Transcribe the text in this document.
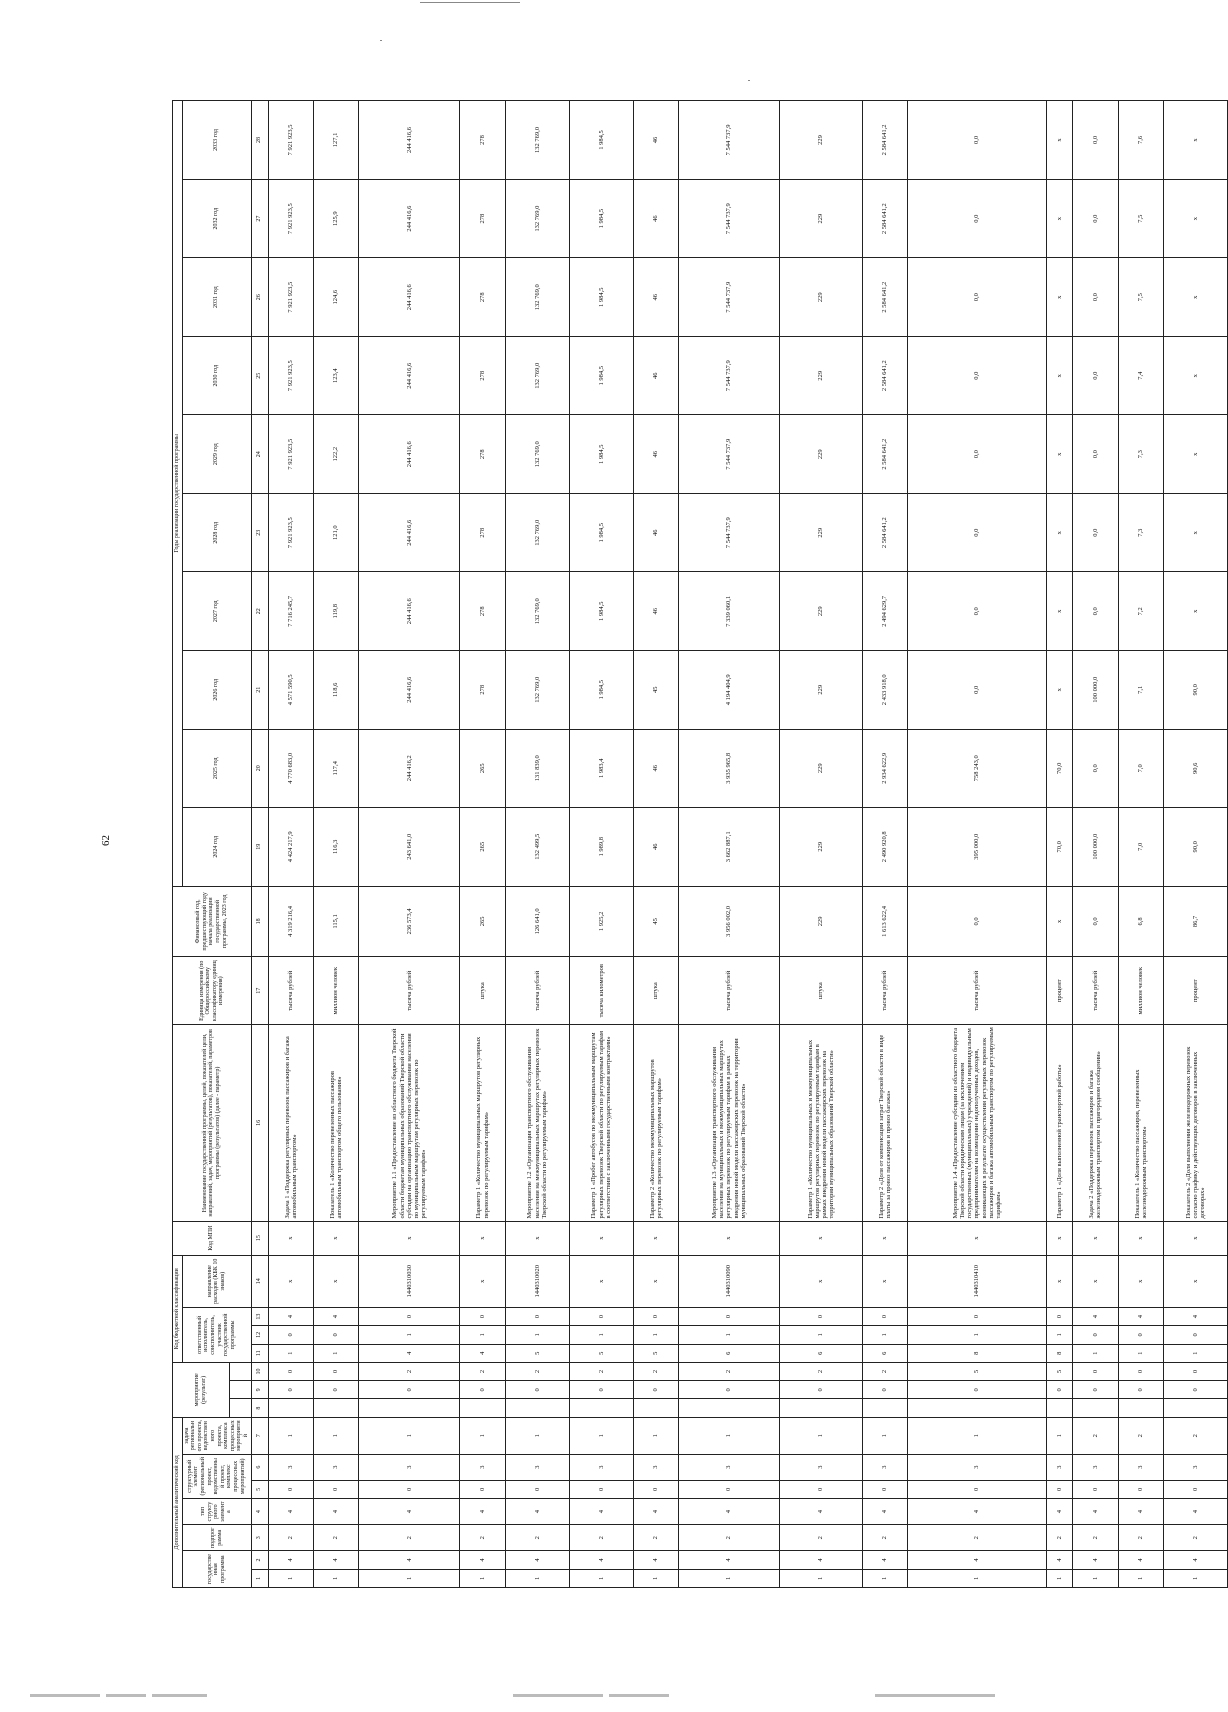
62
Дополнительный аналитический код							мероприятие (результат)			Код бюджетной классификации				Код МПИ	Наименование государственной программы, целей, показателей цели, направлений, задач, мероприятий (результатов), показателей, параметров программы (результатов) (далее - параметр)	Единица измерения (по Общероссийскому классификатору единиц измерения)	Финансовый год, предшествующий году начала реализации государственной программы, 2023 год	Годы реализации государственной программы									
государственная программа		подпрограмма	тип структурного элемента	структурный элемент (региональный проект, ведомственный проект, комплекс процессных мероприятий)		задача регионального проекта, ведомственного проекта, комплекса процессных мероприятий				ответственный исполнитель, соисполнитель, участник государственной программы			направление расходов (КБК 10 знаков)					2024 год	2025 год	2026 год	2027 год	2028 год	2029 год	2030 год	2031 год	2032 год	2033 год

1	2	3	4	5	6	7	8	9	10	11	12	13	14	15	16	17	18	19	20	21	22	23	24	25	26	27	28
1	4	2	4	0	3	1		0	0	1	0	4	х	х	Задача 1 «Поддержка регулярных перевозок пассажиров и багажа автомобильным транспортом»	тысяча рублей	4 319 216,4	4 424 217,9	4 770 683,0	4 571 590,5	7 716 245,7	7 921 923,5	7 921 923,5	7 921 923,5	7 921 923,5	7 921 923,5	7 921 923,5
1	4	2	4	0	3	1		0	0	1	0	4	х	х	Показатель 1 «Количество перевезенных пассажиров автомобильным транспортом общего пользования»	миллион человек	115,1	116,3	117,4	118,6	119,8	121,0	122,2	123,4	124,6	125,9	127,1
1	4	2	4	0	3	1		0	2	4	1	0	1440310030	х	Мероприятие 1.1 «Предоставление из областного бюджета Тверской области бюджетам муниципальных образований Тверской области субсидии на организацию транспортного обслуживания населения по муниципальным маршрутам регулярных перевозок по регулируемым тарифам»	тысяча рублей	236 573,4	243 641,0	244 416,2	244 416,6	244 416,6	244 416,6	244 416,6	244 416,6	244 416,6	244 416,6	244 416,6
1	4	2	4	0	3	1		0	2	4	1	0	х	х	Параметр 1 «Количество муниципальных маршрутов регулярных перевозок по регулируемым тарифам»	штука	265	265	265	278	278	278	278	278	278	278	278
1	4	2	4	0	3	1		0	2	5	1	0	1440310020	х	Мероприятие 1.2 «Организация транспортного обслуживания населения на межмуниципальных маршрутах регулярных перевозок Тверской области по регулируемым тарифам»	тысяча рублей	126 641,0	132 499,5	131 839,0	132 769,0	132 769,0	132 769,0	132 769,0	132 769,0	132 769,0	132 769,0	132 769,0
1	4	2	4	0	3	1		0	2	5	1	0	х	х	Параметр 1 «Пробег автобусов по межмуниципальным маршрутам регулярных перевозок Тверской области по регулируемым тарифам в соответствии с заключенными государственными контрактами»	тысяча километров	1 925,2	1 989,8	1 983,4	1 984,5	1 984,5	1 984,5	1 984,5	1 984,5	1 984,5	1 984,5	1 984,5
1	4	2	4	0	3	1		0	2	5	1	0	х	х	Параметр 2 «Количество межмуниципальных маршрутов регулярных перевозок по регулируемым тарифам»	штука	45	46	46	45	46	46	46	46	46	46	46
1	4	2	4	0	3	1		0	2	6	1	0	1440310090	х	Мероприятие 1.3 «Организация транспортного обслуживания населения на муниципальных и межмуниципальных маршрутах регулярных перевозок по регулируемым тарифам в рамках внедрения новой модели пассажирских перевозок на территории муниципальных образований Тверской области»	тысяча рублей	3 956 002,0	3 662 887,1	3 935 965,8	4 194 404,9	7 339 060,1	7 544 737,9	7 544 737,9	7 544 737,9	7 544 737,9	7 544 737,9	7 544 737,9
1	4	2	4	0	3	1		0	2	6	1	0	х	х	Параметр 1 «Количество муниципальных и межмуниципальных маршрутов регулярных перевозок по регулируемым тарифам в рамках внедрения новой модели пассажирских перевозок на территории муниципальных образований Тверской области»	штука	229	229	229	229	229	229	229	229	229	229	229
1	4	2	4	0	3	1		0	2	6	1	0	х	х	Параметр 2 «Доля от компенсации затрат Тверской области в виде платы за провоз пассажиров и провоз багажа»	тысяча рублей	1 613 622,4	2 490 920,8	2 934 622,9	2 433 918,0	2 494 629,7	2 584 641,2	2 584 641,2	2 584 641,2	2 584 641,2	2 584 641,2	2 584 641,2
1	4	2	4	0	3	1		0	5	8	1	0	1440310410	х	Мероприятие 1.4 «Предоставление субсидии из областного бюджета Тверской области юридическим лицам (за исключением государственных (муниципальных) учреждений) и индивидуальным предпринимателям на возмещение недополученных доходов, возникающих в результате осуществления регулярных перевозок пассажиров и багажа автомобильным транспортом по регулируемым тарифам»	тысяча рублей	0,0	395 000,0	758 243,0	0,0	0,0	0,0	0,0	0,0	0,0	0,0	0,0
1	4	2	4	0	3	1		0	5	8	1	0	х	х	Параметр 1 «Доля выполненной транспортной работы»	процент	х	70,0	70,0	х	х	х	х	х	х	х	х
1	4	2	4	0	3	2		0	0	1	0	4	х	х	Задача 2 «Поддержка перевозок пассажиров и багажа железнодорожным транспортом в пригородном сообщении»	тысяча рублей	0,0	100 000,0	0,0	100 000,0	0,0	0,0	0,0	0,0	0,0	0,0	0,0
1	4	2	4	0	3	2		0	0	1	0	4	х	х	Показатель 1 «Количество пассажиров, перевезенных железнодорожным транспортом»	миллион человек	6,8	7,0	7,0	7,1	7,2	7,3	7,3	7,4	7,5	7,5	7,6
1	4	2	4	0	3	2		0	0	1	0	4	х	х	Показатель 2 «Доля выполнения железнодорожных перевозок согласно графику и действующих договоров в заключенных договорах»	процент	86,7	90,0	90,6	90,0	х	х	х	х	х	х	х
